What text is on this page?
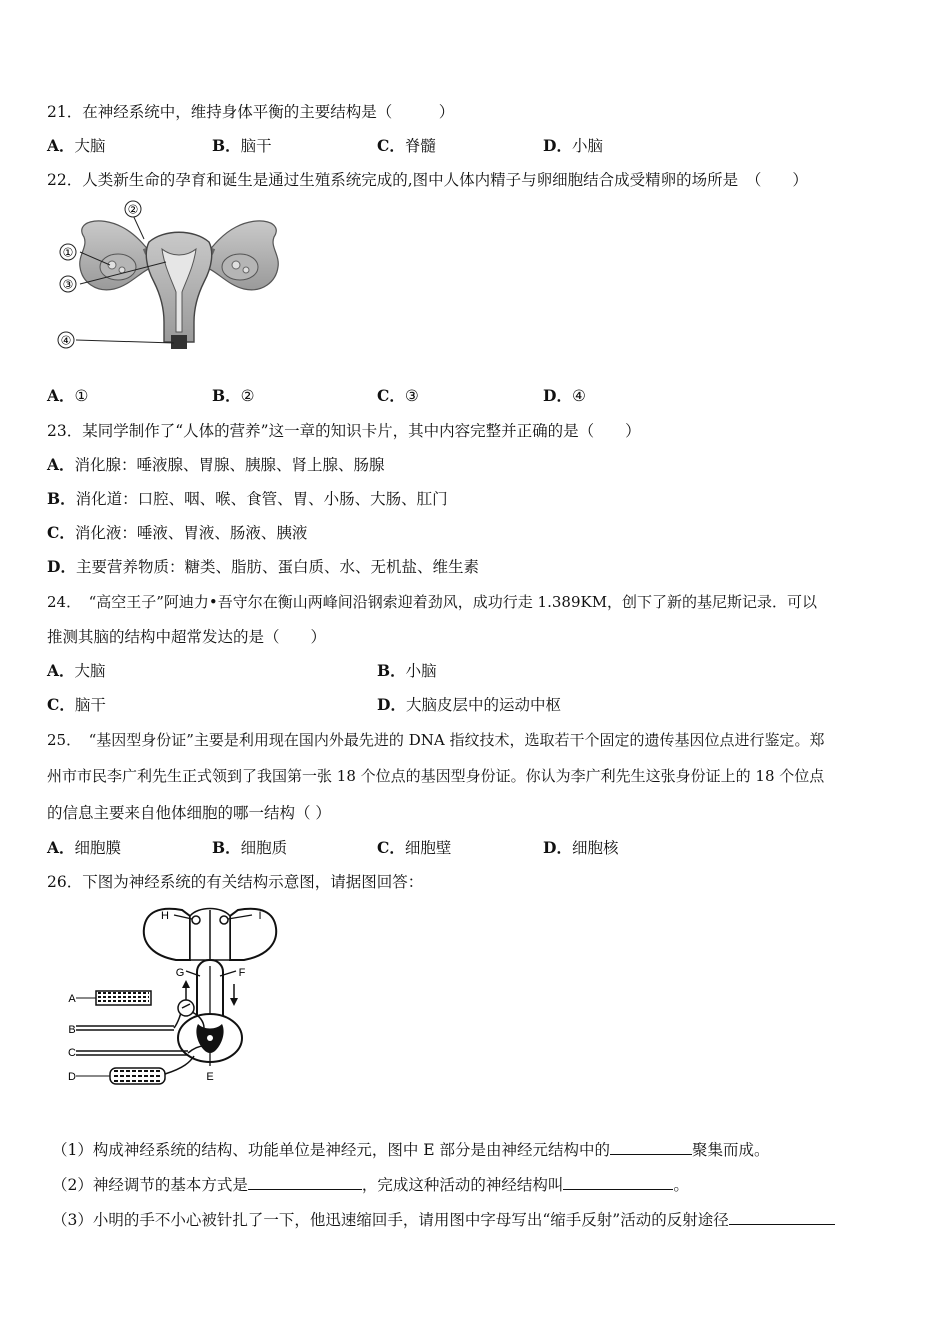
21．在神经系统中，维持身体平衡的主要结构是（　　　）
A．大脑	B．脑干	C．脊髓	D．小脑
22．人类新生命的孕育和诞生是通过生殖系统完成的,图中人体内精子与卵细胞结合成受精卵的场所是　（　　）
②
①
③
④
A．①	B．②	C．③	D．④
23．某同学制作了“人体的营养”这一章的知识卡片，其中内容完整并正确的是（　　）
A．消化腺：唾液腺、胃腺、胰腺、肾上腺、肠腺
B．消化道：口腔、咽、喉、食管、胃、小肠、大肠、肛门
C．消化液：唾液、胃液、肠液、胰液
D．主要营养物质：糖类、脂肪、蛋白质、水、无机盐、维生素
24．　“高空王子”阿迪力•吾守尔在衡山两峰间沿钢索迎着劲风，成功行走 1.389KM，创下了新的基尼斯记录．可以
推测其脑的结构中超常发达的是（　　）
A．大脑	B．小脑
C．脑干	D．大脑皮层中的运动中枢
25．　“基因型身份证”主要是利用现在国内外最先进的 DNA 指纹技术，选取若干个固定的遗传基因位点进行鉴定。郑
州市市民李广利先生正式领到了我国第一张 18 个位点的基因型身份证。你认为李广利先生这张身份证上的 18 个位点
的信息主要来自他体细胞的哪一结构（ ）
A．细胞膜	B．细胞质	C．细胞壁	D．细胞核
26．下图为神经系统的有关结构示意图，请据图回答：
H	I
G	F
E
A
B
C
D
（1）构成神经系统的结构、功能单位是神经元，图中 E 部分是由神经元结构中的	聚集而成。
（2）神经调节的基本方式是	，完成这种活动的神经结构叫	。
（3）小明的手不小心被针扎了一下，他迅速缩回手，请用图中字母写出“缩手反射”活动的反射途径
